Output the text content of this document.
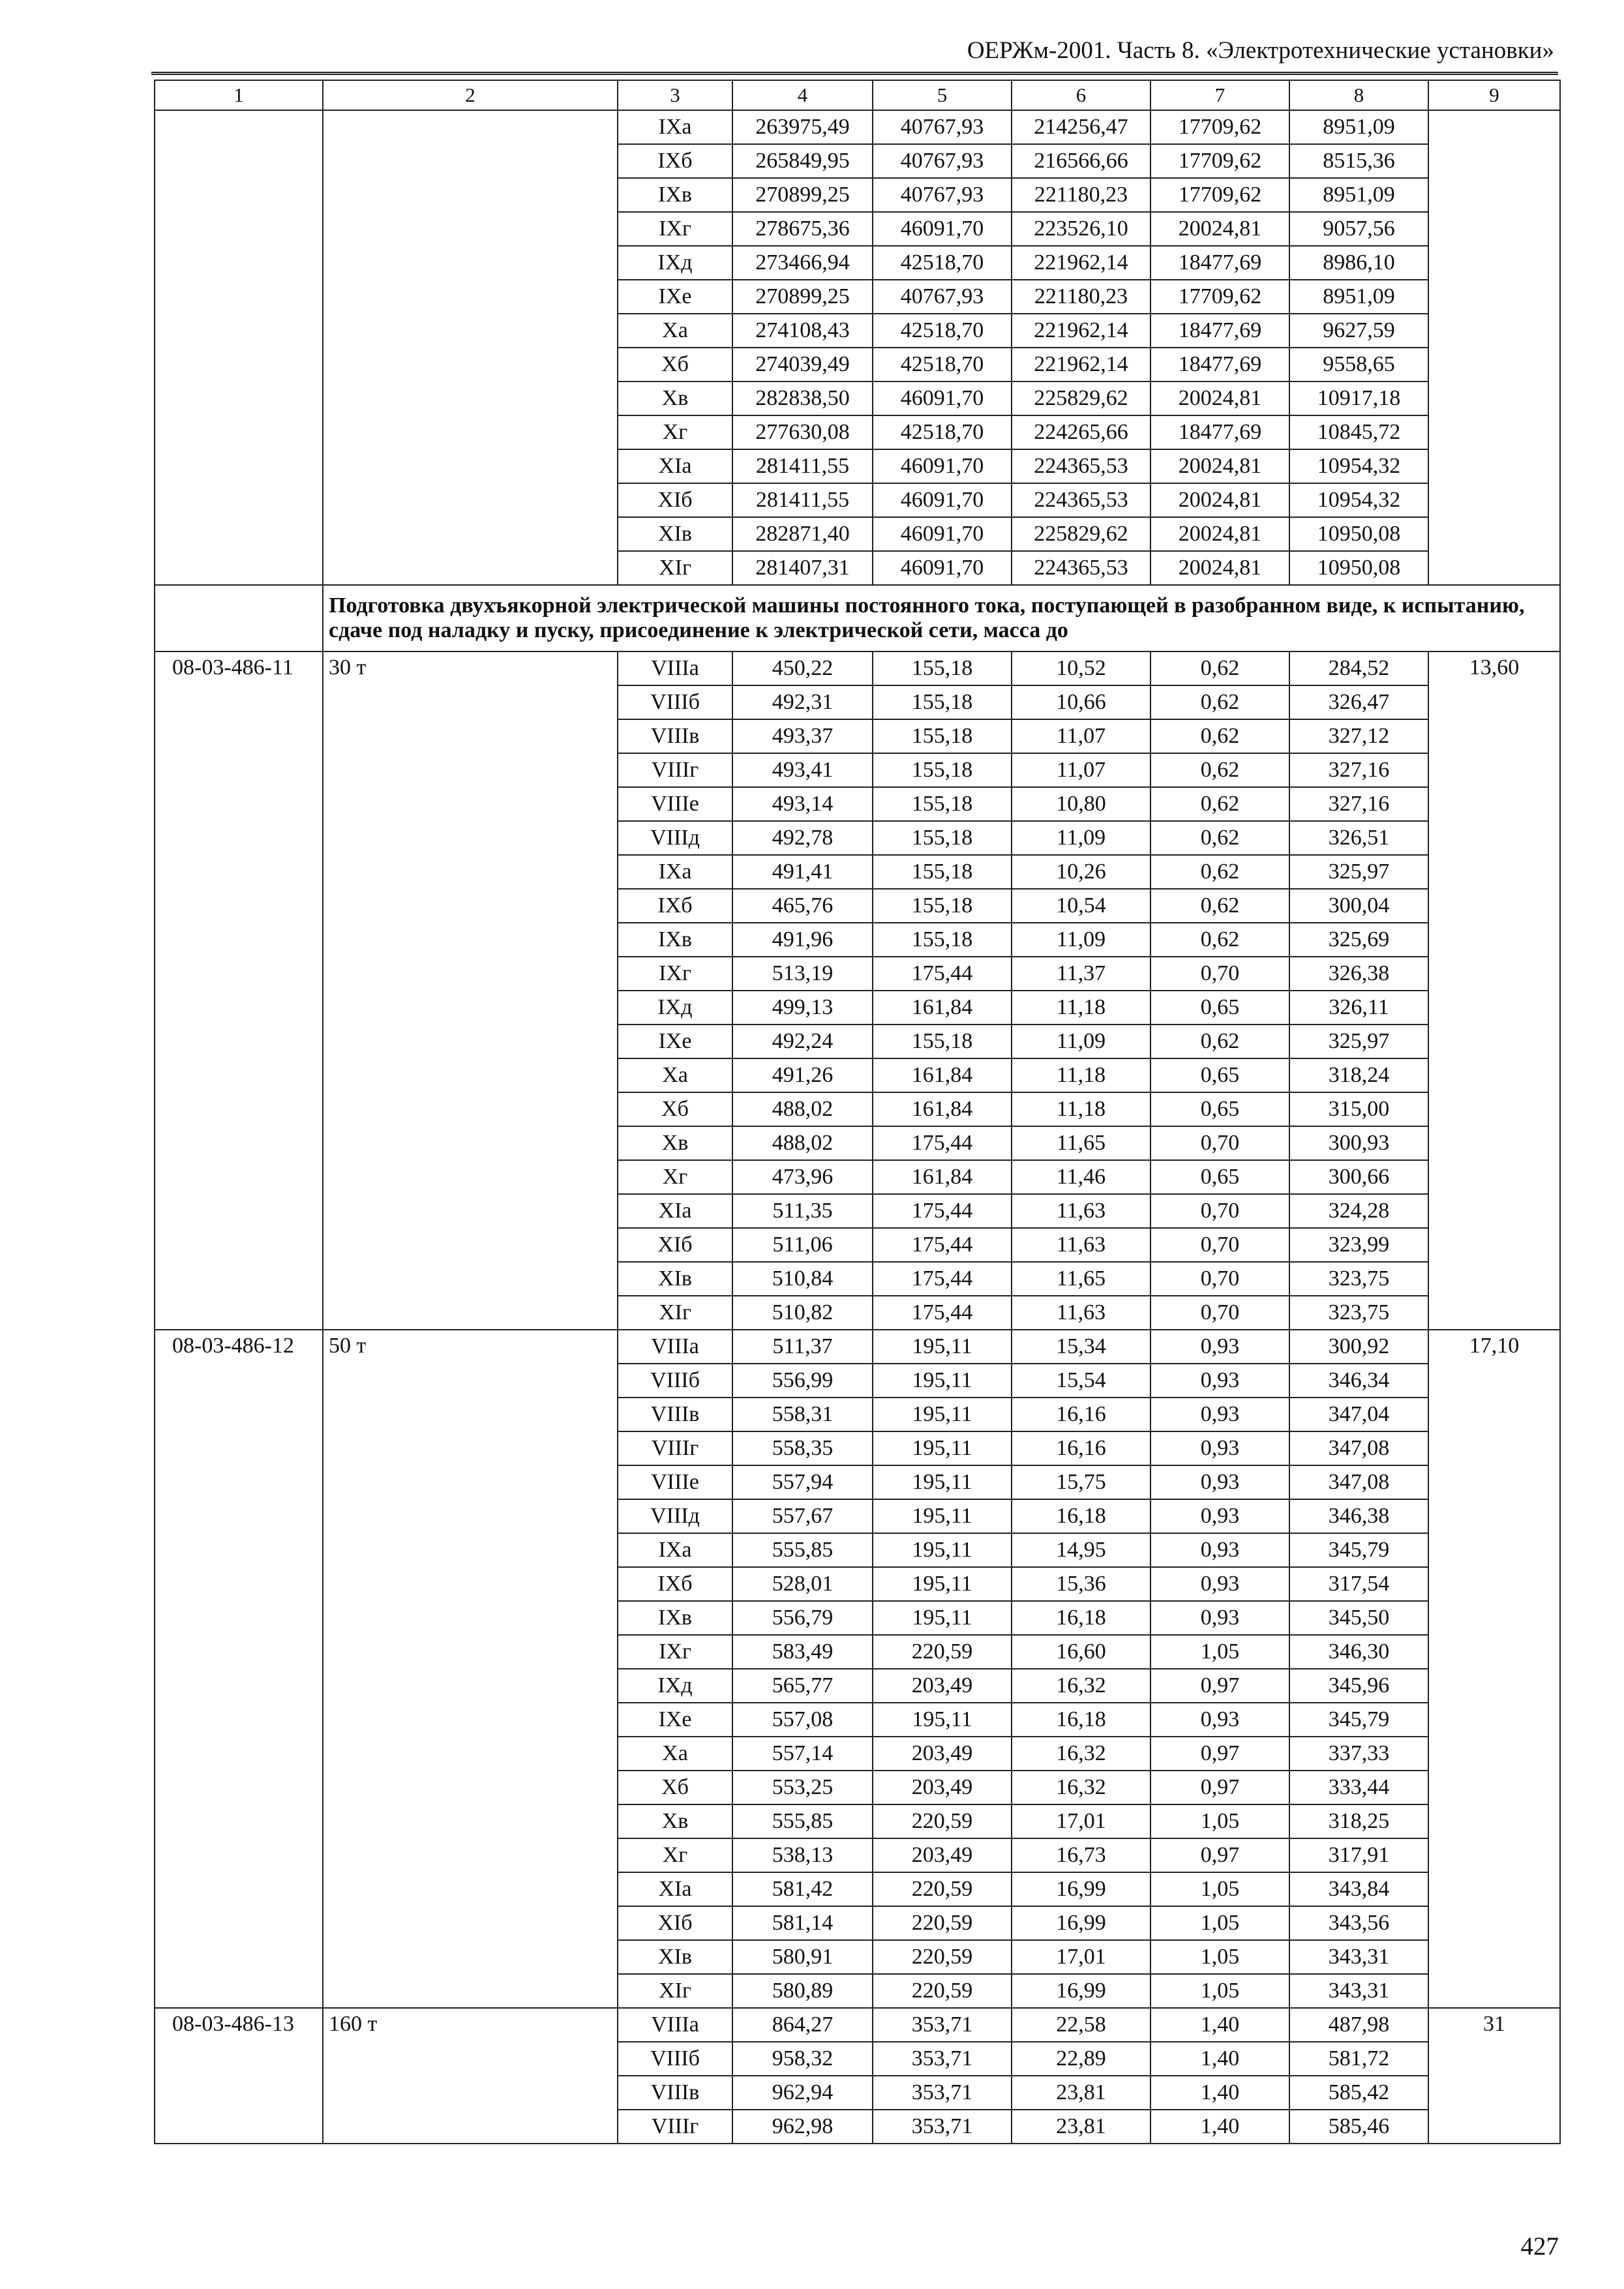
ОЕРЖм-2001. Часть 8. «Электротехнические установки»
1	2	3	4	5	6	7	8	9
		IXа	263975,49	40767,93	214256,47	17709,62	8951,09	
		IXб	265849,95	40767,93	216566,66	17709,62	8515,36	
		IXв	270899,25	40767,93	221180,23	17709,62	8951,09	
		IXг	278675,36	46091,70	223526,10	20024,81	9057,56	
		IXд	273466,94	42518,70	221962,14	18477,69	8986,10	
		IXе	270899,25	40767,93	221180,23	17709,62	8951,09	
		Xа	274108,43	42518,70	221962,14	18477,69	9627,59	
		Xб	274039,49	42518,70	221962,14	18477,69	9558,65	
		Xв	282838,50	46091,70	225829,62	20024,81	10917,18	
		Xг	277630,08	42518,70	224265,66	18477,69	10845,72	
		XIа	281411,55	46091,70	224365,53	20024,81	10954,32	
		XIб	281411,55	46091,70	224365,53	20024,81	10954,32	
		XIв	282871,40	46091,70	225829,62	20024,81	10950,08	
		XIг	281407,31	46091,70	224365,53	20024,81	10950,08	
	Подготовка двухъякорной электрической машины постоянного тока, поступающей в разобранном виде, к испытанию, сдаче под наладку и пуску, присоединение к электрической сети, масса до							
08-03-486-11	30 т	VIIIа	450,22	155,18	10,52	0,62	284,52	13,60
		VIIIб	492,31	155,18	10,66	0,62	326,47	
		VIIIв	493,37	155,18	11,07	0,62	327,12	
		VIIIг	493,41	155,18	11,07	0,62	327,16	
		VIIIе	493,14	155,18	10,80	0,62	327,16	
		VIIIд	492,78	155,18	11,09	0,62	326,51	
		IXа	491,41	155,18	10,26	0,62	325,97	
		IXб	465,76	155,18	10,54	0,62	300,04	
		IXв	491,96	155,18	11,09	0,62	325,69	
		IXг	513,19	175,44	11,37	0,70	326,38	
		IXд	499,13	161,84	11,18	0,65	326,11	
		IXе	492,24	155,18	11,09	0,62	325,97	
		Xа	491,26	161,84	11,18	0,65	318,24	
		Xб	488,02	161,84	11,18	0,65	315,00	
		Xв	488,02	175,44	11,65	0,70	300,93	
		Xг	473,96	161,84	11,46	0,65	300,66	
		XIа	511,35	175,44	11,63	0,70	324,28	
		XIб	511,06	175,44	11,63	0,70	323,99	
		XIв	510,84	175,44	11,65	0,70	323,75	
		XIг	510,82	175,44	11,63	0,70	323,75	
08-03-486-12	50 т	VIIIа	511,37	195,11	15,34	0,93	300,92	17,10
		VIIIб	556,99	195,11	15,54	0,93	346,34	
		VIIIв	558,31	195,11	16,16	0,93	347,04	
		VIIIг	558,35	195,11	16,16	0,93	347,08	
		VIIIе	557,94	195,11	15,75	0,93	347,08	
		VIIIд	557,67	195,11	16,18	0,93	346,38	
		IXа	555,85	195,11	14,95	0,93	345,79	
		IXб	528,01	195,11	15,36	0,93	317,54	
		IXв	556,79	195,11	16,18	0,93	345,50	
		IXг	583,49	220,59	16,60	1,05	346,30	
		IXд	565,77	203,49	16,32	0,97	345,96	
		IXе	557,08	195,11	16,18	0,93	345,79	
		Xа	557,14	203,49	16,32	0,97	337,33	
		Xб	553,25	203,49	16,32	0,97	333,44	
		Xв	555,85	220,59	17,01	1,05	318,25	
		Xг	538,13	203,49	16,73	0,97	317,91	
		XIа	581,42	220,59	16,99	1,05	343,84	
		XIб	581,14	220,59	16,99	1,05	343,56	
		XIв	580,91	220,59	17,01	1,05	343,31	
		XIг	580,89	220,59	16,99	1,05	343,31	
08-03-486-13	160 т	VIIIа	864,27	353,71	22,58	1,40	487,98	31
		VIIIб	958,32	353,71	22,89	1,40	581,72	
		VIIIв	962,94	353,71	23,81	1,40	585,42	
		VIIIг	962,98	353,71	23,81	1,40	585,46	
427
